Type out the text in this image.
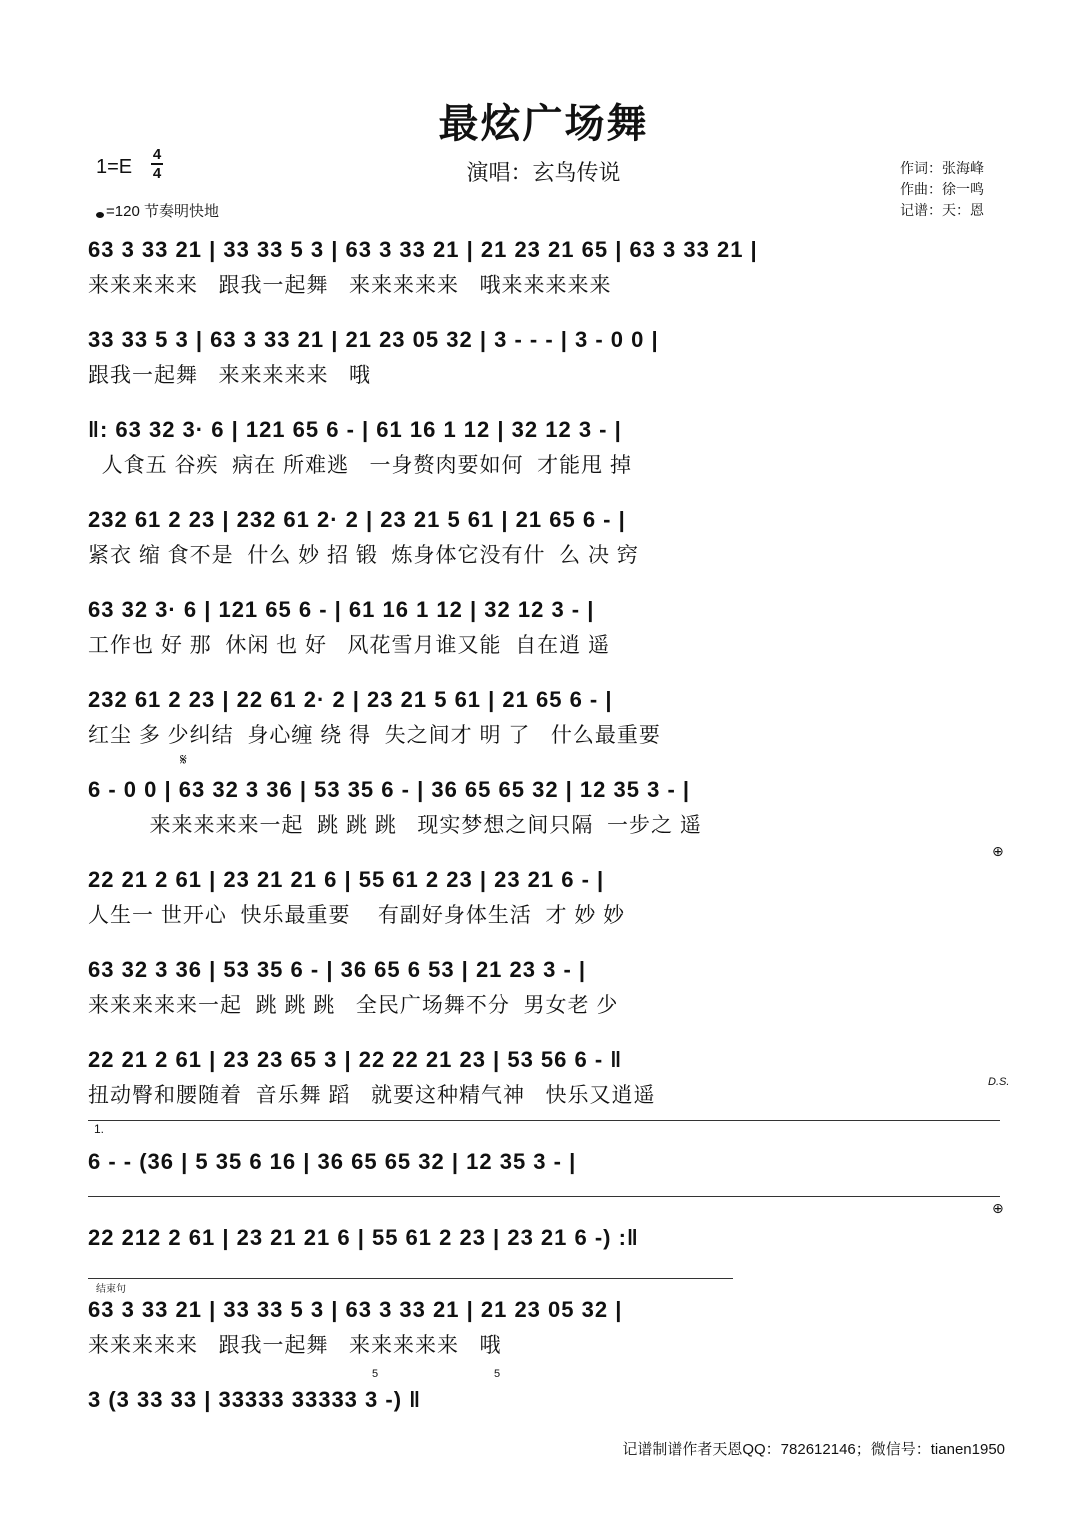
最炫广场舞
演唱：玄鸟传说
1=E
4
4
=120 节奏明快地
作词：张海峰
作曲：徐一鸣
记谱：天：恩
63 3 33 21 | 33 33 5 3 | 63 3 33 21 | 21 23 21 65 | 63 3 33 21 |
来来来来来   跟我一起舞   来来来来来   哦来来来来来
33 33 5 3 | 63 3 33 21 | 21 23 05 32 | 3 - - - | 3 - 0 0 |
跟我一起舞   来来来来来   哦
‖: 63 32 3· 6 | 121 65 6 - | 61 16 1 12 | 32 12 3 - |
人食五 谷疾  病在 所难逃   一身赘肉要如何  才能甩 掉
232 61 2 23 | 232 61 2· 2 | 23 21 5 61 | 21 65 6 - |
紧衣 缩 食不是  什么 妙 招 锻  炼身体它没有什  么 决 窍
63 32 3· 6 | 121 65 6 - | 61 16 1 12 | 32 12 3 - |
工作也 好 那  休闲 也 好   风花雪月谁又能  自在逍 遥
232 61 2 23 | 22 61 2· 2 | 23 21 5 61 | 21 65 6 - |
红尘 多 少纠结  身心缠 绕 得  失之间才 明 了   什么最重要
𝄋
6 - 0 0 | 63 32 3 36 | 53 35 6 - | 36 65 65 32 | 12 35 3 - |
来来来来来一起  跳 跳 跳   现实梦想之间只隔  一步之 遥
⊕
22 21 2 61 | 23 21 21 6 | 55 61 2 23 | 23 21 6 - |
人生一 世开心  快乐最重要    有副好身体生活  才 妙 妙
63 32 3 36 | 53 35 6 - | 36 65 6 53 | 21 23 3 - |
来来来来来一起  跳 跳 跳   全民广场舞不分  男女老 少
22 21 2 61 | 23 23 65 3 | 22 22 21 23 | 53 56 6 - ‖
扭动臀和腰随着  音乐舞 蹈   就要这种精气神   快乐又逍遥
D.S.
1.
6 - - (36 | 5 35 6 16 | 36 65 65 32 | 12 35 3 - |
⊕
22 212 2 61 | 23 21 21 6 | 55 61 2 23 | 23 21 6 -) :‖
结束句
63 3 33 21 | 33 33 5 3 | 63 3 33 21 | 21 23 05 32 |
来来来来来   跟我一起舞   来来来来来   哦
5	5
3 (3 33 33 | 33333 33333 3 -) ‖
记谱制谱作者天恩QQ：782612146；微信号：tianen1950
